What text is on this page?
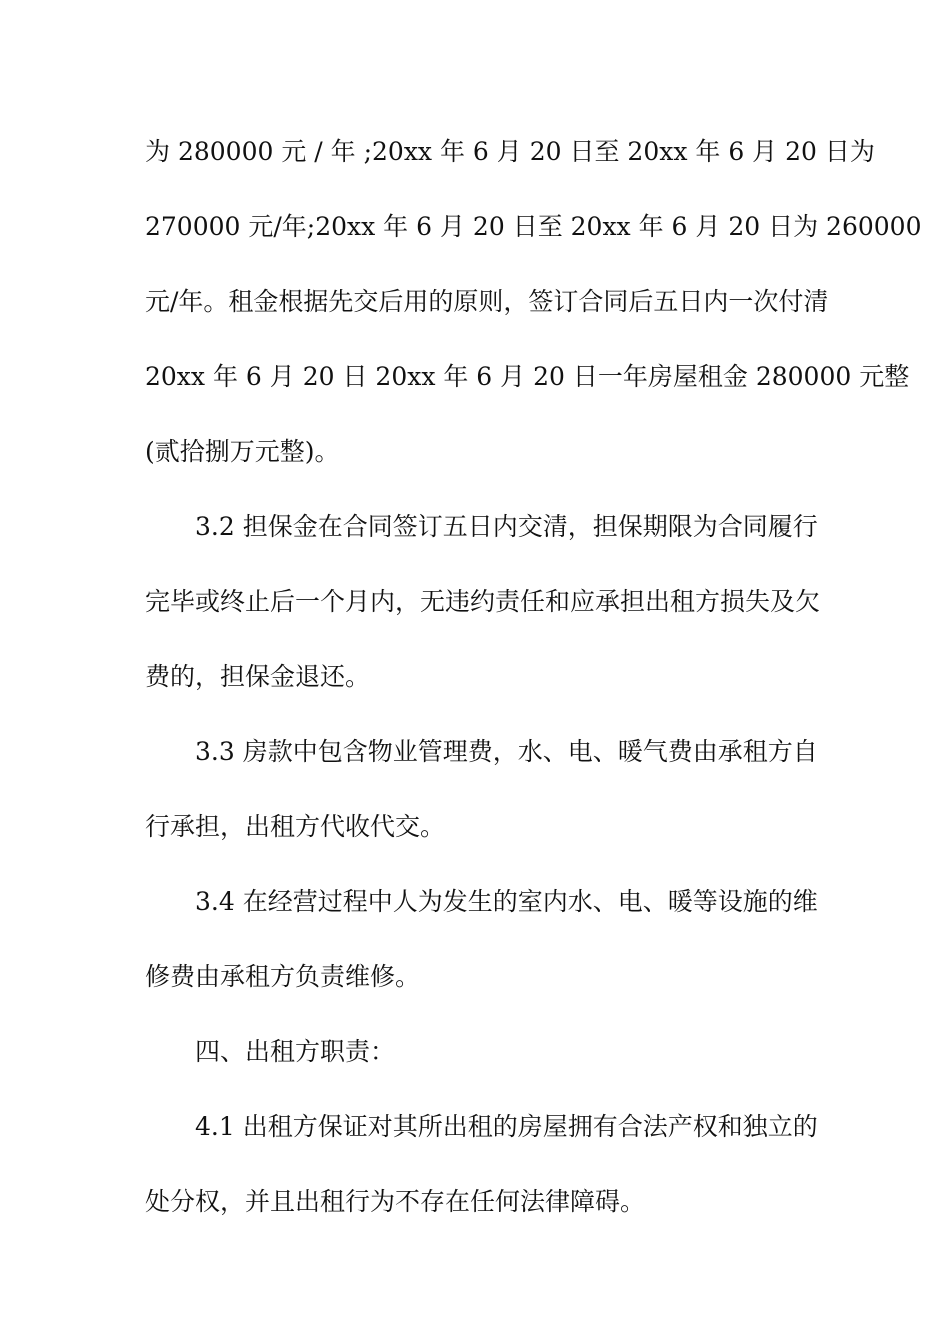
为 280000 元 / 年 ;20xx 年 6 月 20 日至 20xx 年 6 月 20 日为
270000 元/年;20xx 年 6 月 20 日至 20xx 年 6 月 20 日为 260000
元/年。租金根据先交后用的原则，签订合同后五日内一次付清
20xx 年 6 月 20 日 20xx 年 6 月 20 日一年房屋租金 280000 元整
(贰拾捌万元整)。
3.2 担保金在合同签订五日内交清，担保期限为合同履行
完毕或终止后一个月内，无违约责任和应承担出租方损失及欠
费的，担保金退还。
3.3 房款中包含物业管理费，水、电、暖气费由承租方自
行承担，出租方代收代交。
3.4 在经营过程中人为发生的室内水、电、暖等设施的维
修费由承租方负责维修。
四、出租方职责：
4.1 出租方保证对其所出租的房屋拥有合法产权和独立的
处分权，并且出租行为不存在任何法律障碍。
